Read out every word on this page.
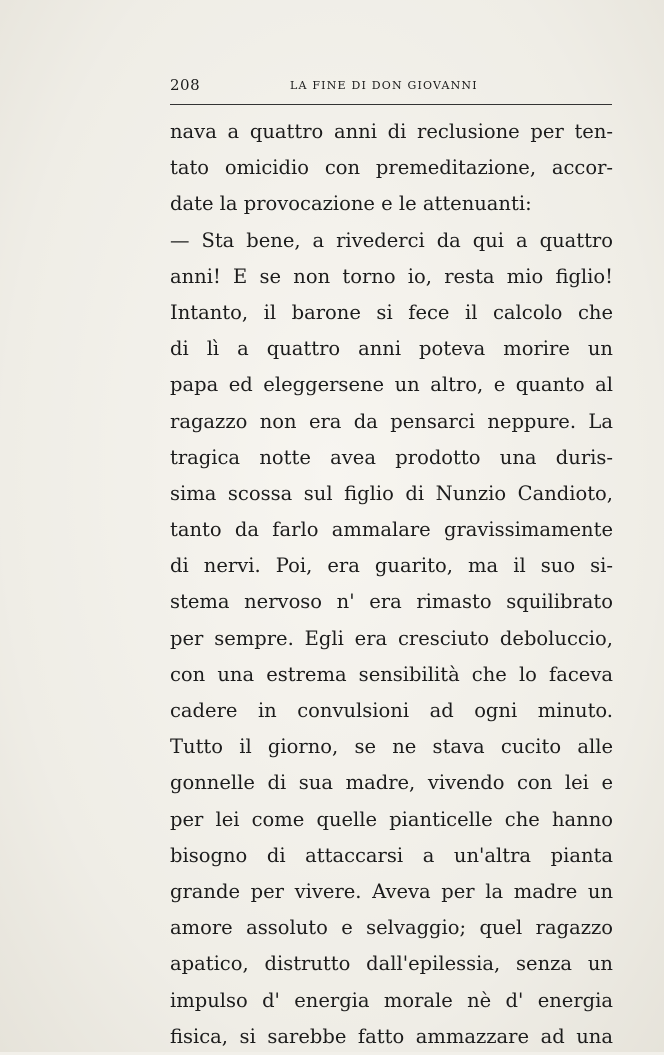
208	LA FINE DI DON GIOVANNI
nava a quattro anni di reclusione per ten-
tato omicidio con premeditazione, accor-
date la provocazione e le attenuanti:
— Sta bene, a rivederci da qui a quattro
anni! E se non torno io, resta mio figlio!
Intanto, il barone si fece il calcolo che
di lì a quattro anni poteva morire un
papa ed eleggersene un altro, e quanto al
ragazzo non era da pensarci neppure. La
tragica notte avea prodotto una duris-
sima scossa sul figlio di Nunzio Candioto,
tanto da farlo ammalare gravissimamente
di nervi. Poi, era guarito, ma il suo si-
stema nervoso n' era rimasto squilibrato
per sempre. Egli era cresciuto deboluccio,
con una estrema sensibilità che lo faceva
cadere in convulsioni ad ogni minuto.
Tutto il giorno, se ne stava cucito alle
gonnelle di sua madre, vivendo con lei e
per lei come quelle pianticelle che hanno
bisogno di attaccarsi a un'altra pianta
grande per vivere. Aveva per la madre un
amore assoluto e selvaggio; quel ragazzo
apatico, distrutto dall'epilessia, senza un
impulso d' energia morale nè d' energia
fisica, si sarebbe fatto ammazzare ad una
